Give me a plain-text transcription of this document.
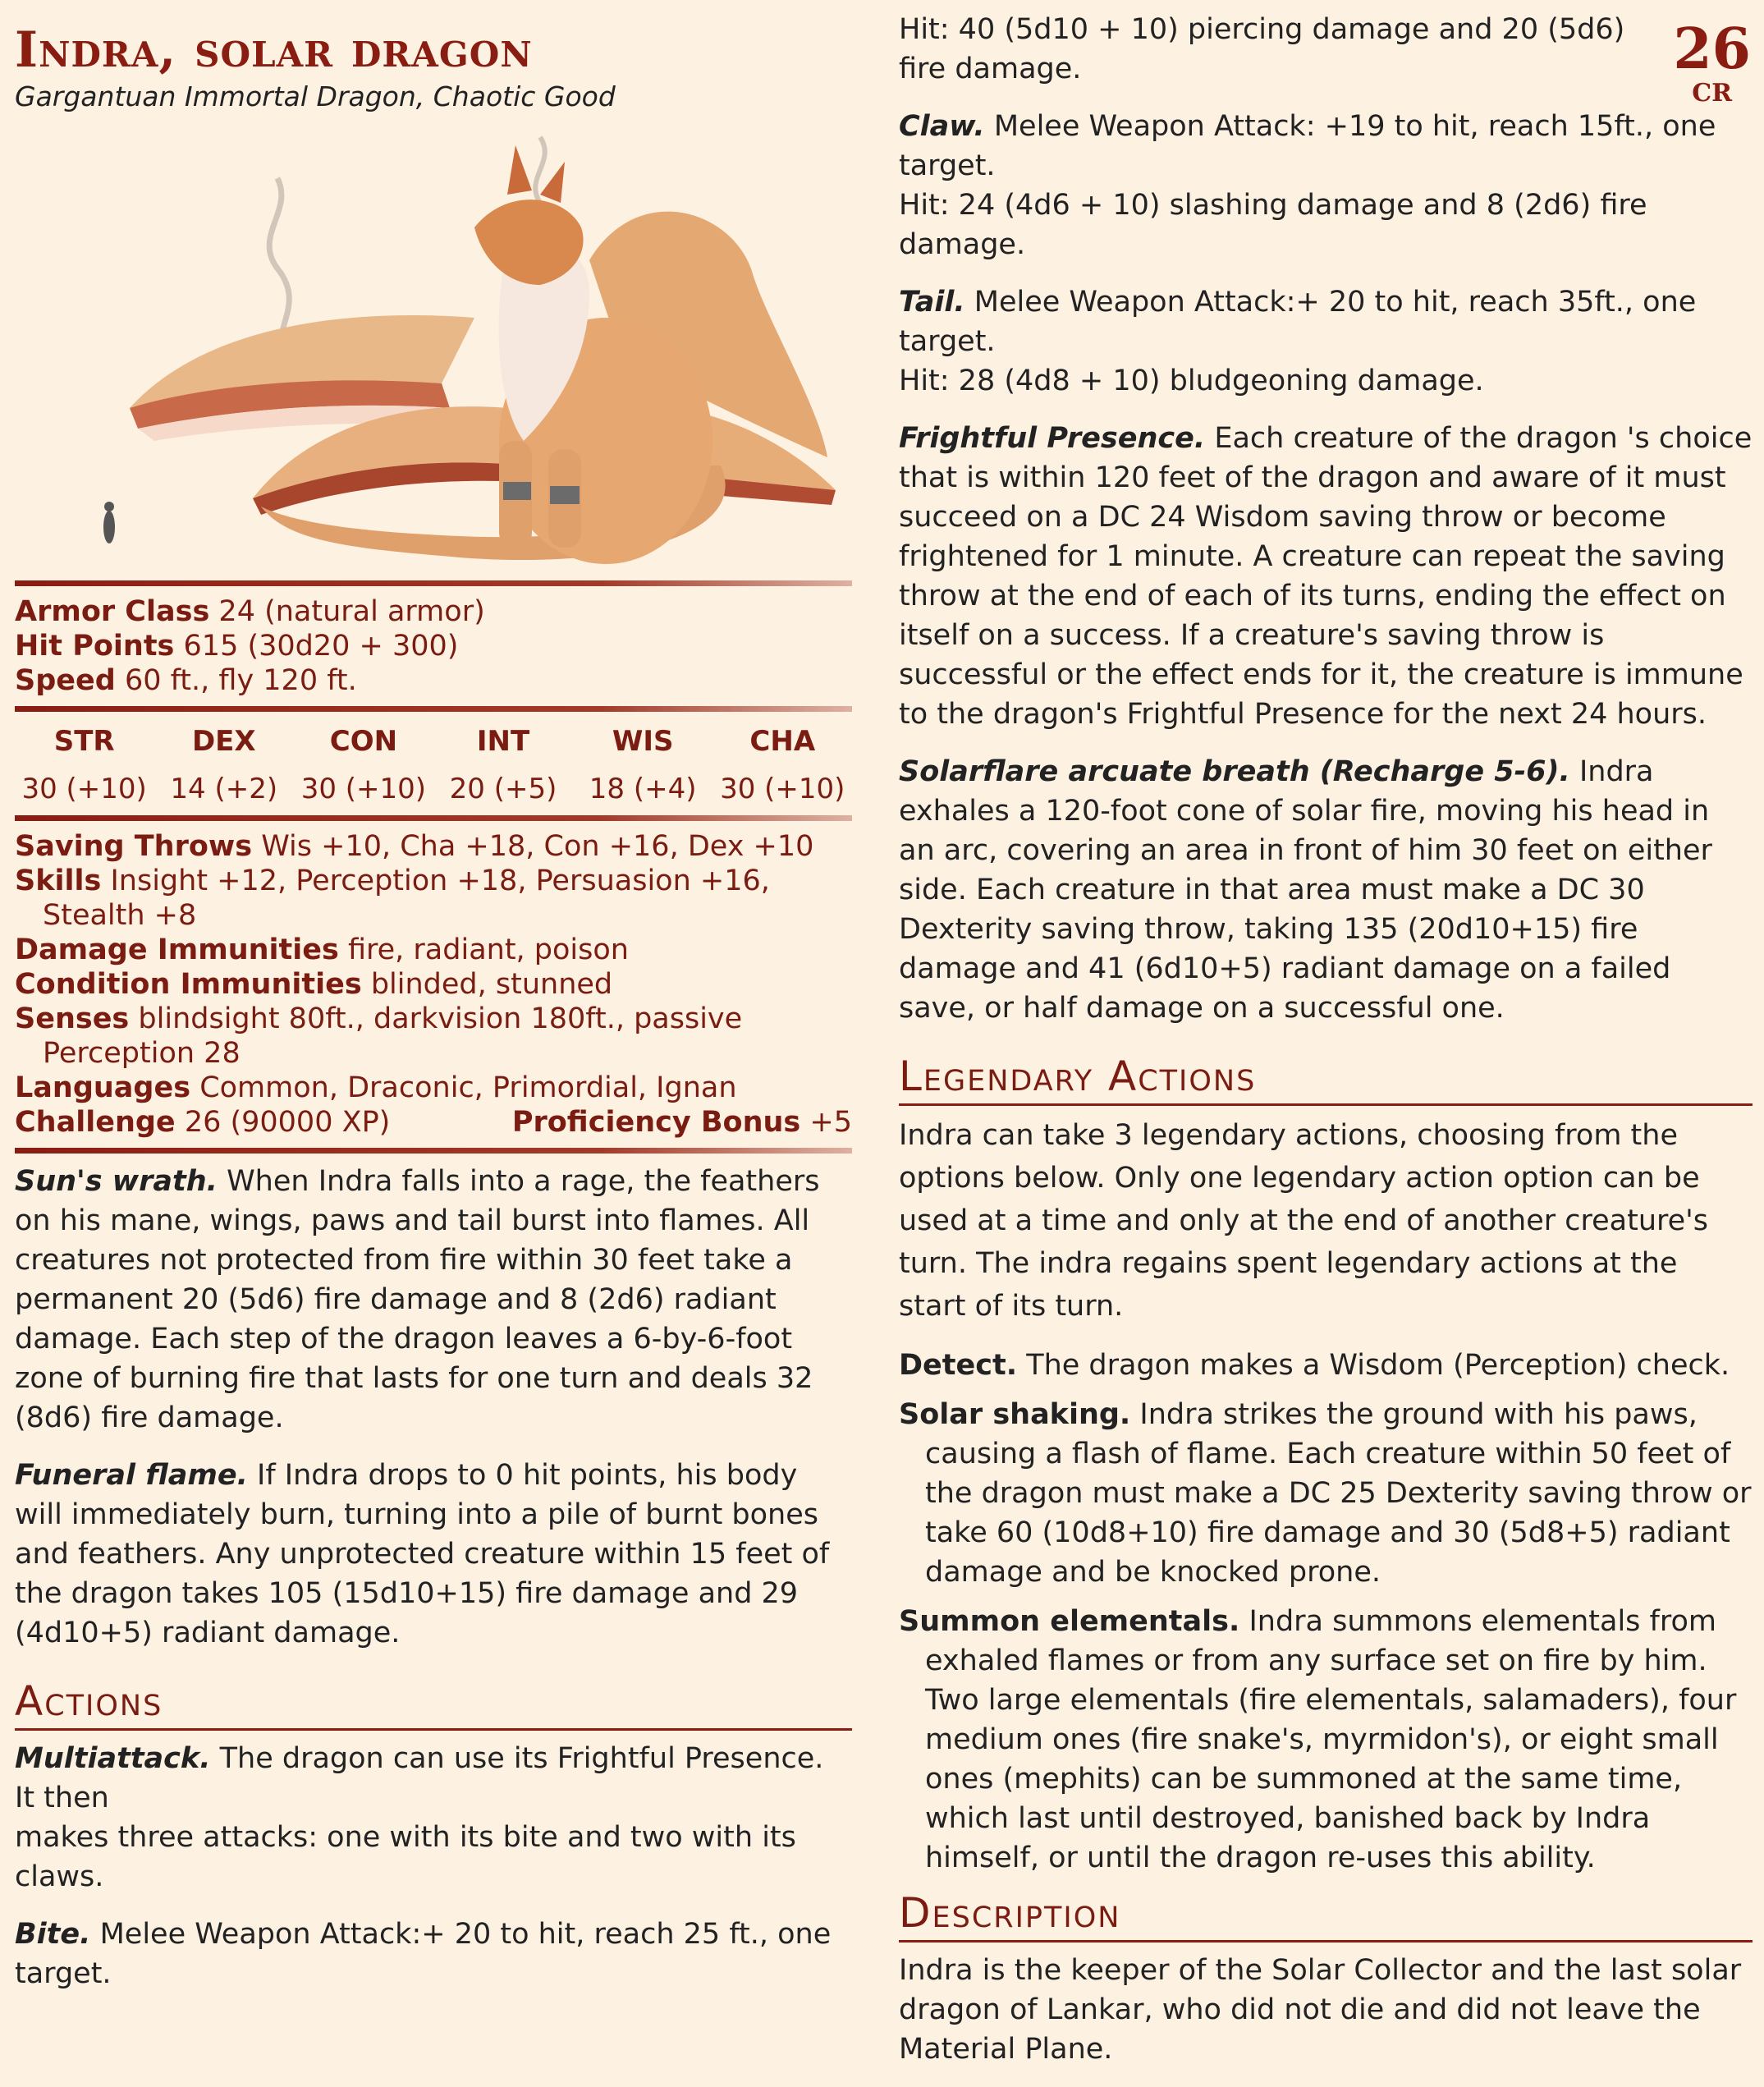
26
CR
Indra, solar dragon
Gargantuan Immortal Dragon, Chaotic Good
Armor Class 24 (natural armor)
Hit Points 615 (30d20 + 300)
Speed 60 ft., fly 120 ft.
STR
30 (+10)
DEX
14 (+2)
CON
30 (+10)
INT
20 (+5)
WIS
18 (+4)
CHA
30 (+10)
Saving Throws Wis +10, Cha +18, Con +16, Dex +10
Skills Insight +12, Perception +18, Persuasion +16, Stealth +8
Damage Immunities fire, radiant, poison
Condition Immunities blinded, stunned
Senses blindsight 80ft., darkvision 180ft., passive Perception 28
Languages Common, Draconic, Primordial, Ignan
Challenge 26 (90000 XP)	Proficiency Bonus +5

Sun's wrath. When Indra falls into a rage, the feathers on his mane, wings, paws and tail burst into flames. All creatures not protected from fire within 30 feet take a permanent 20 (5d6) fire damage and 8 (2d6) radiant damage. Each step of the dragon leaves a 6-by-6-foot zone of burning fire that lasts for one turn and deals 32 (8d6) fire damage.

Funeral flame. If Indra drops to 0 hit points, his body will immediately burn, turning into a pile of burnt bones and feathers. Any unprotected creature within 15 feet of the dragon takes 105 (15d10+15) fire damage and 29 (4d10+5) radiant damage.

Actions

Multiattack. The dragon can use its Frightful Presence. It then
makes three attacks: one with its bite and two with its claws.

Bite. Melee Weapon Attack:+ 20 to hit, reach 25 ft., one target.

Hit: 40 (5d10 + 10) piercing damage and 20 (5d6) fire damage.

Claw. Melee Weapon Attack: +19 to hit, reach 15ft., one target.
Hit: 24 (4d6 + 10) slashing damage and 8 (2d6) fire damage.

Tail. Melee Weapon Attack:+ 20 to hit, reach 35ft., one target.
Hit: 28 (4d8 + 10) bludgeoning damage.

Frightful Presence. Each creature of the dragon 's choice that is within 120 feet of the dragon and aware of it must succeed on a DC 24 Wisdom saving throw or become frightened for 1 minute. A creature can repeat the saving throw at the end of each of its turns, ending the effect on itself on a success. If a creature's saving throw is successful or the effect ends for it, the creature is immune to the dragon's Frightful Presence for the next 24 hours.

Solarflare arcuate breath (Recharge 5-6). Indra exhales a 120-foot cone of solar fire, moving his head in an arc, covering an area in front of him 30 feet on either side. Each creature in that area must make a DC 30 Dexterity saving throw, taking 135 (20d10+15) fire damage and 41 (6d10+5) radiant damage on a failed save, or half damage on a successful one.

Legendary Actions

Indra can take 3 legendary actions, choosing from the options below. Only one legendary action option can be used at a time and only at the end of another creature's turn. The indra regains spent legendary actions at the start of its turn.

Detect. The dragon makes a Wisdom (Perception) check.

Solar shaking. Indra strikes the ground with his paws, causing a flash of flame. Each creature within 50 feet of the dragon must make a DC 25 Dexterity saving throw or take 60 (10d8+10) fire damage and 30 (5d8+5) radiant damage and be knocked prone.

Summon elementals. Indra summons elementals from exhaled flames or from any surface set on fire by him. Two large elementals (fire elementals, salamaders), four medium ones (fire snake's, myrmidon's), or eight small ones (mephits) can be summoned at the same time, which last until destroyed, banished back by Indra himself, or until the dragon re-uses this ability.

Description

Indra is the keeper of the Solar Collector and the last solar dragon of Lankar, who did not die and did not leave the Material Plane.
